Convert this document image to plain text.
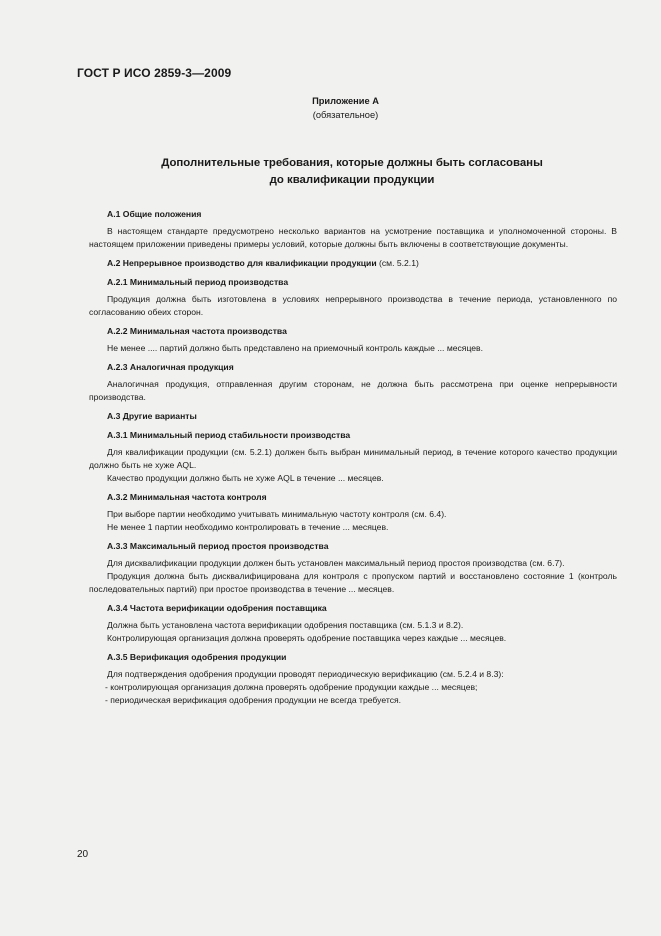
ГОСТ Р ИСО 2859-3—2009
Приложение А
(обязательное)
Дополнительные требования, которые должны быть согласованы
до квалификации продукции

А.1 Общие положения

В настоящем стандарте предусмотрено несколько вариантов на усмотрение поставщика и уполномоченной стороны. В настоящем приложении приведены примеры условий, которые должны быть включены в соответствующие документы.

А.2 Непрерывное производство для квалификации продукции (см. 5.2.1)

А.2.1 Минимальный период производства

Продукция должна быть изготовлена в условиях непрерывного производства в течение периода, установленного по согласованию обеих сторон.

А.2.2 Минимальная частота производства

Не менее .... партий должно быть представлено на приемочный контроль каждые ... месяцев.

А.2.3 Аналогичная продукция

Аналогичная продукция, отправленная другим сторонам, не должна быть рассмотрена при оценке непрерывности производства.

А.3 Другие варианты

А.3.1 Минимальный период стабильности производства

Для квалификации продукции (см. 5.2.1) должен быть выбран минимальный период, в течение которого качество продукции должно быть не хуже AQL.

Качество продукции должно быть не хуже AQL в течение ... месяцев.

А.3.2 Минимальная частота контроля

При выборе партии необходимо учитывать минимальную частоту контроля (см. 6.4).

Не менее 1 партии необходимо контролировать в течение ... месяцев.

А.3.3 Максимальный период простоя производства

Для дисквалификации продукции должен быть установлен максимальный период простоя производства (см. 6.7).

Продукция должна быть дисквалифицирована для контроля с пропуском партий и восстановлено состояние 1 (контроль последовательных партий) при простое производства в течение ... месяцев.

А.3.4 Частота верификации одобрения поставщика

Должна быть установлена частота верификации одобрения поставщика (см. 5.1.3 и 8.2).

Контролирующая организация должна проверять одобрение поставщика через каждые ... месяцев.

А.3.5 Верификация одобрения продукции

Для подтверждения одобрения продукции проводят периодическую верификацию (см. 5.2.4 и 8.3):

- контролирующая организация должна проверять одобрение продукции каждые ... месяцев;

- периодическая верификация одобрения продукции не всегда требуется.

20
